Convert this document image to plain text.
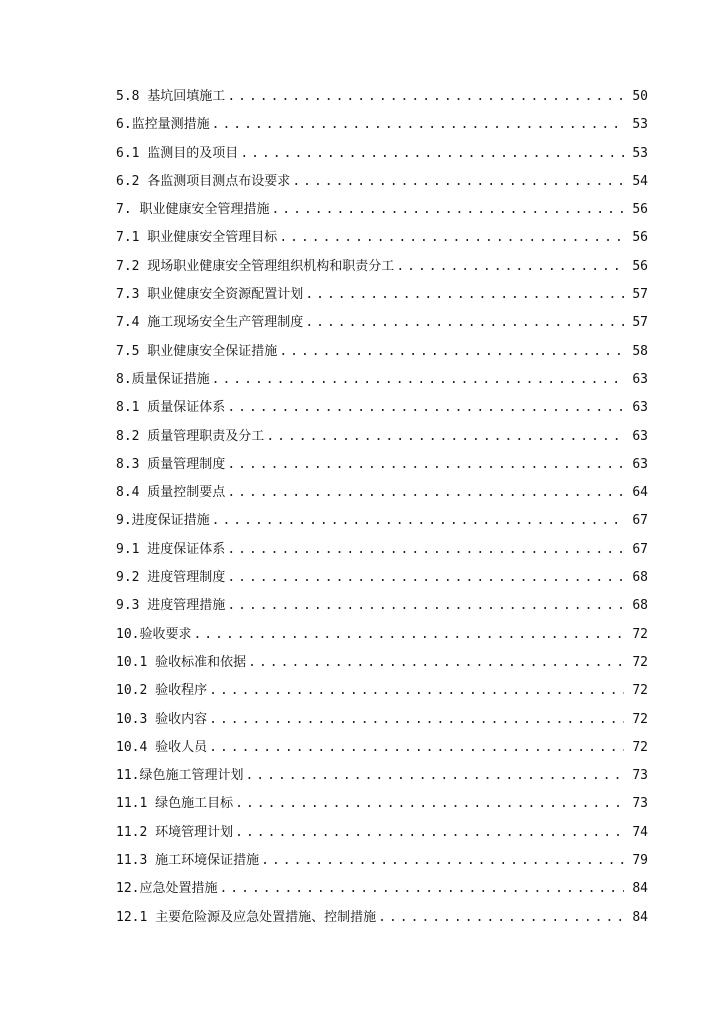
5.8 基坑回填施工 .....	50
6.监控量测措施 .....	53
6.1 监测目的及项目 .....	53
6.2 各监测项目测点布设要求 .....	54
7. 职业健康安全管理措施 .....	56
7.1 职业健康安全管理目标 .....	56
7.2 现场职业健康安全管理组织机构和职责分工 .....	56
7.3 职业健康安全资源配置计划 .....	57
7.4 施工现场安全生产管理制度 .....	57
7.5 职业健康安全保证措施 .....	58
8.质量保证措施 .....	63
8.1 质量保证体系 .....	63
8.2 质量管理职责及分工 .....	63
8.3 质量管理制度 .....	63
8.4 质量控制要点 .....	64
9.进度保证措施 .....	67
9.1 进度保证体系 .....	67
9.2 进度管理制度 .....	68
9.3 进度管理措施 .....	68
10.验收要求 .....	72
10.1 验收标准和依据 .....	72
10.2 验收程序 .....	72
10.3 验收内容 .....	72
10.4 验收人员 .....	72
11.绿色施工管理计划 .....	73
11.1 绿色施工目标 .....	73
11.2 环境管理计划 .....	74
11.3 施工环境保证措施 .....	79
12.应急处置措施 .....	84
12.1 主要危险源及应急处置措施、控制措施 .....	84
